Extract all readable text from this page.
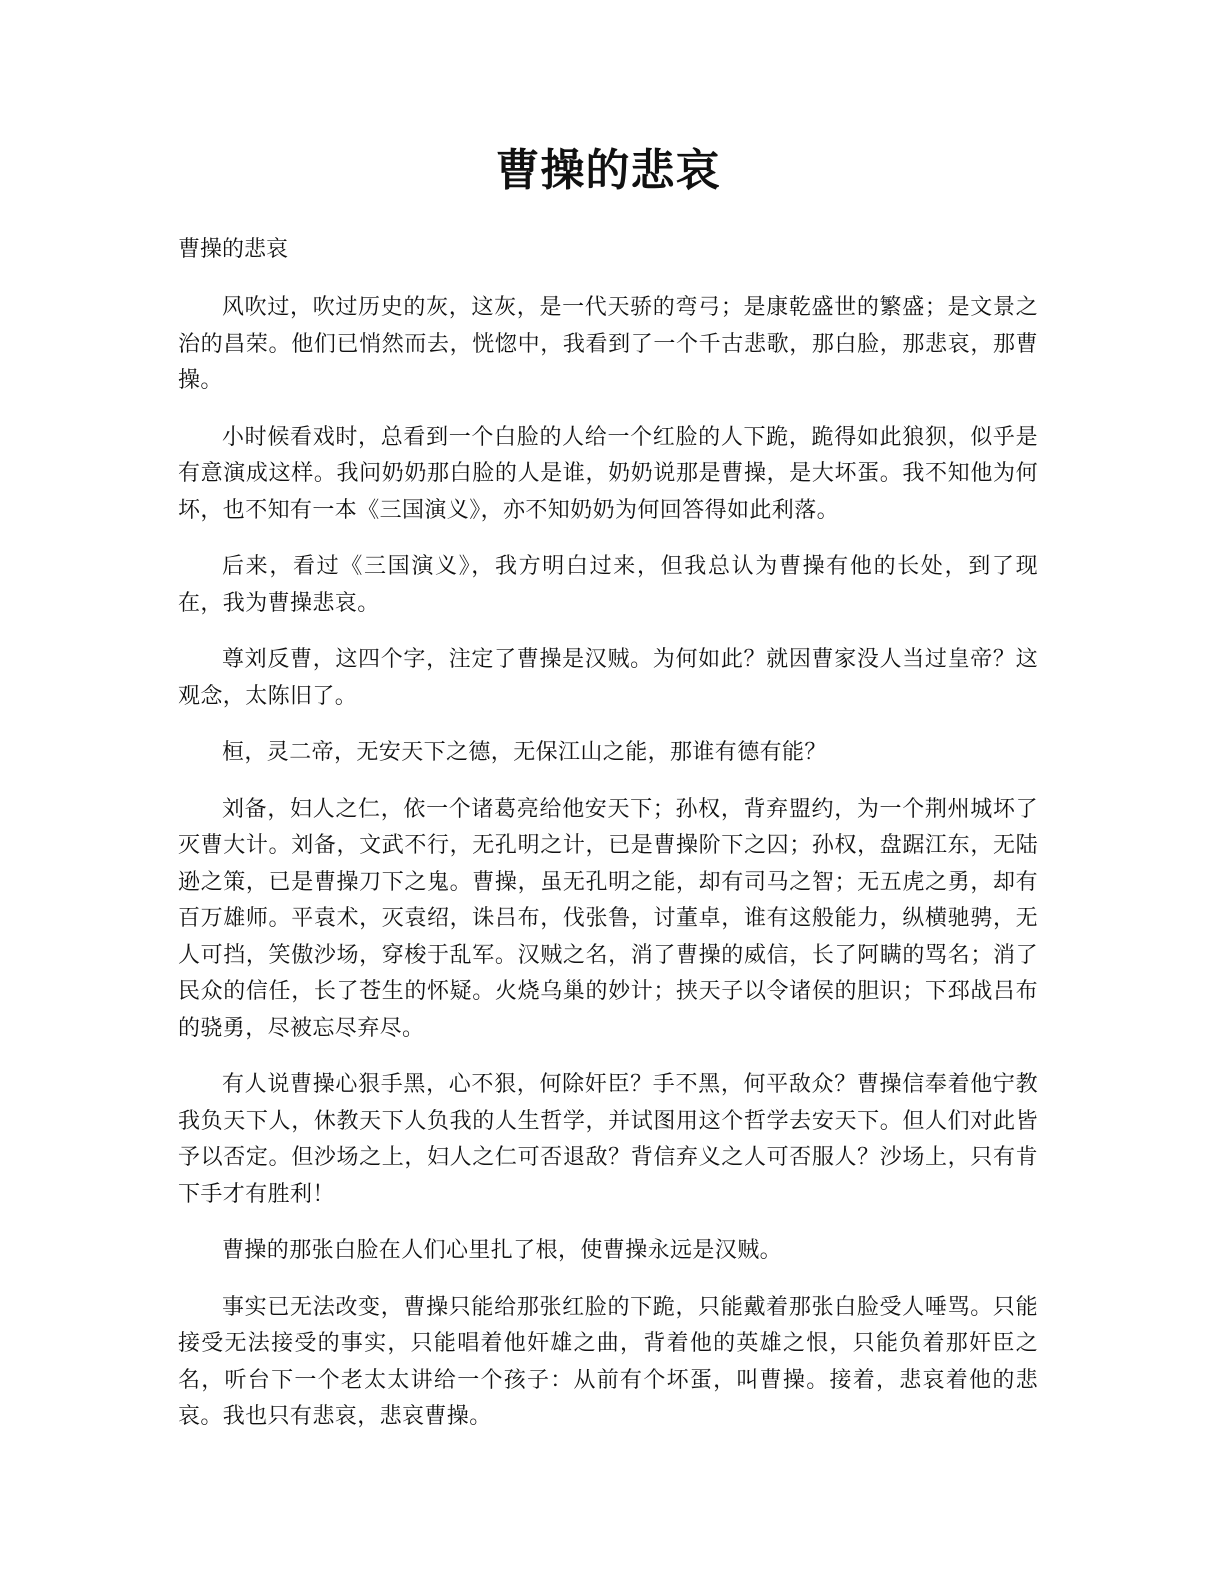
曹操的悲哀

曹操的悲哀

风吹过，吹过历史的灰，这灰，是一代天骄的弯弓；是康乾盛世的繁盛；是文景之治的昌荣。他们已悄然而去，恍惚中，我看到了一个千古悲歌，那白脸，那悲哀，那曹操。

小时候看戏时，总看到一个白脸的人给一个红脸的人下跪，跪得如此狼狈，似乎是有意演成这样。我问奶奶那白脸的人是谁，奶奶说那是曹操，是大坏蛋。我不知他为何坏，也不知有一本《三国演义》，亦不知奶奶为何回答得如此利落。

后来，看过《三国演义》，我方明白过来，但我总认为曹操有他的长处，到了现在，我为曹操悲哀。

尊刘反曹，这四个字，注定了曹操是汉贼。为何如此？就因曹家没人当过皇帝？这观念，太陈旧了。

桓，灵二帝，无安天下之德，无保江山之能，那谁有德有能？

刘备，妇人之仁，依一个诸葛亮给他安天下；孙权，背弃盟约，为一个荆州城坏了灭曹大计。刘备，文武不行，无孔明之计，已是曹操阶下之囚；孙权，盘踞江东，无陆逊之策，已是曹操刀下之鬼。曹操，虽无孔明之能，却有司马之智；无五虎之勇，却有百万雄师。平袁术，灭袁绍，诛吕布，伐张鲁，讨董卓，谁有这般能力，纵横驰骋，无人可挡，笑傲沙场，穿梭于乱军。汉贼之名，消了曹操的威信，长了阿瞒的骂名；消了民众的信任，长了苍生的怀疑。火烧乌巢的妙计；挟天子以令诸侯的胆识；下邳战吕布的骁勇，尽被忘尽弃尽。

有人说曹操心狠手黑，心不狠，何除奸臣？手不黑，何平敌众？曹操信奉着他宁教我负天下人，休教天下人负我的人生哲学，并试图用这个哲学去安天下。但人们对此皆予以否定。但沙场之上，妇人之仁可否退敌？背信弃义之人可否服人？沙场上，只有肯下手才有胜利！

曹操的那张白脸在人们心里扎了根，使曹操永远是汉贼。

事实已无法改变，曹操只能给那张红脸的下跪，只能戴着那张白脸受人唾骂。只能接受无法接受的事实，只能唱着他奸雄之曲，背着他的英雄之恨，只能负着那奸臣之名，听台下一个老太太讲给一个孩子：从前有个坏蛋，叫曹操。接着，悲哀着他的悲哀。我也只有悲哀，悲哀曹操。
